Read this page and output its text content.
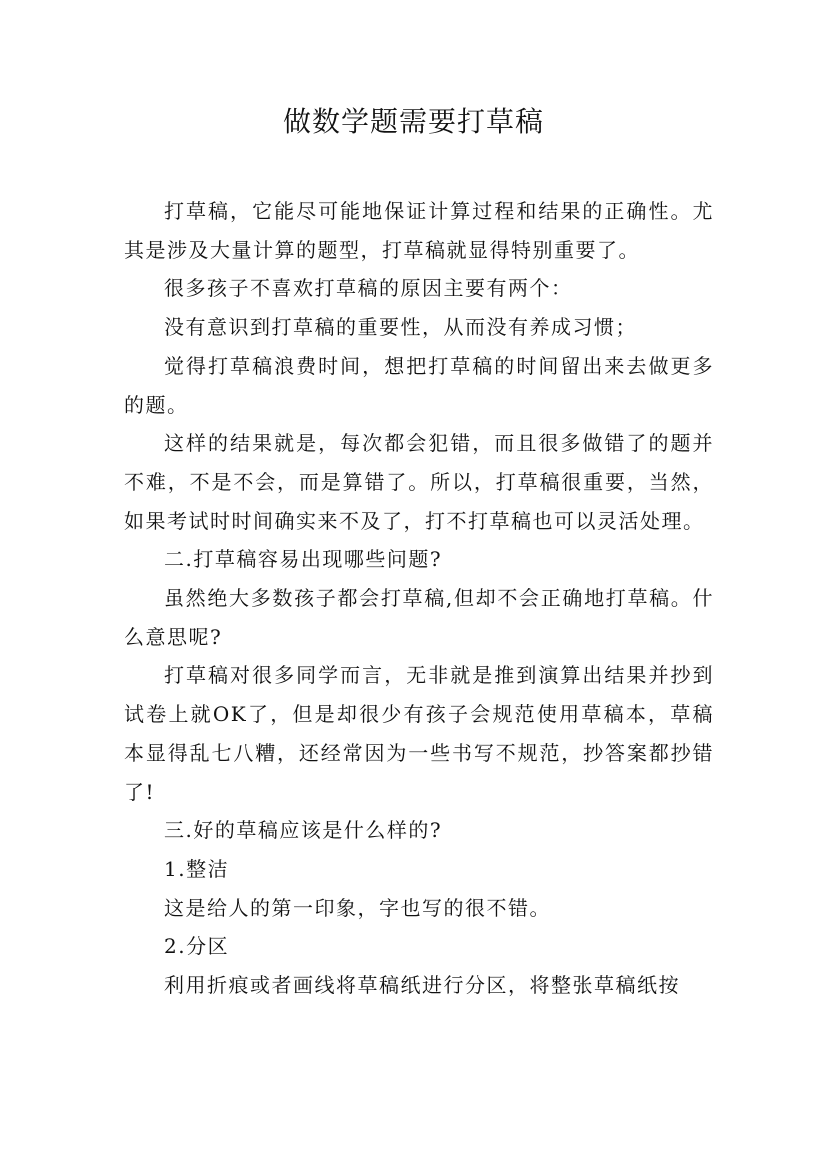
做数学题需要打草稿

打草稿，它能尽可能地保证计算过程和结果的正确性。尤其是涉及大量计算的题型，打草稿就显得特别重要了。

很多孩子不喜欢打草稿的原因主要有两个：

没有意识到打草稿的重要性，从而没有养成习惯；

觉得打草稿浪费时间，想把打草稿的时间留出来去做更多的题。

这样的结果就是，每次都会犯错，而且很多做错了的题并不难，不是不会，而是算错了。所以，打草稿很重要，当然，如果考试时时间确实来不及了，打不打草稿也可以灵活处理。

二.打草稿容易出现哪些问题?

虽然绝大多数孩子都会打草稿,但却不会正确地打草稿。什么意思呢?

打草稿对很多同学而言，无非就是推到演算出结果并抄到试卷上就OK了，但是却很少有孩子会规范使用草稿本，草稿本显得乱七八糟，还经常因为一些书写不规范，抄答案都抄错了!

三.好的草稿应该是什么样的?

1.整洁

这是给人的第一印象，字也写的很不错。

2.分区

利用折痕或者画线将草稿纸进行分区，将整张草稿纸按
